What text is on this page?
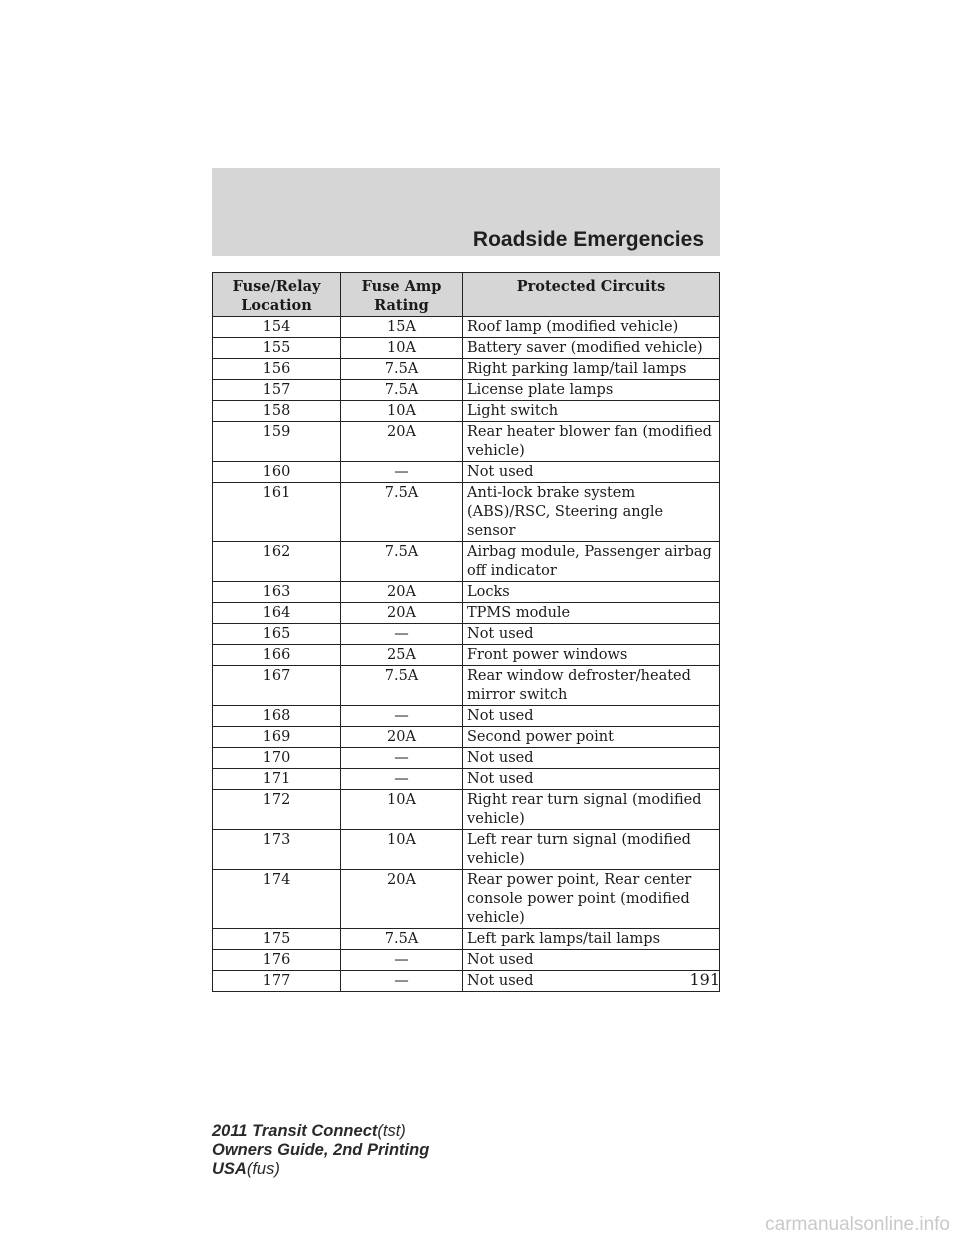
Roadside Emergencies
Fuse/Relay Location	Fuse Amp Rating	Protected Circuits
154	15A	Roof lamp (modified vehicle)
155	10A	Battery saver (modified vehicle)
156	7.5A	Right parking lamp/tail lamps
157	7.5A	License plate lamps
158	10A	Light switch
159	20A	Rear heater blower fan (modified vehicle)
160	—	Not used
161	7.5A	Anti-lock brake system (ABS)/RSC, Steering angle sensor
162	7.5A	Airbag module, Passenger airbag off indicator
163	20A	Locks
164	20A	TPMS module
165	—	Not used
166	25A	Front power windows
167	7.5A	Rear window defroster/heated mirror switch
168	—	Not used
169	20A	Second power point
170	—	Not used
171	—	Not used
172	10A	Right rear turn signal (modified vehicle)
173	10A	Left rear turn signal (modified vehicle)
174	20A	Rear power point, Rear center console power point (modified vehicle)
175	7.5A	Left park lamps/tail lamps
176	—	Not used
177	—	Not used	191
2011 Transit Connect(tst)
Owners Guide, 2nd Printing
USA(fus)
carmanualsonline.info
